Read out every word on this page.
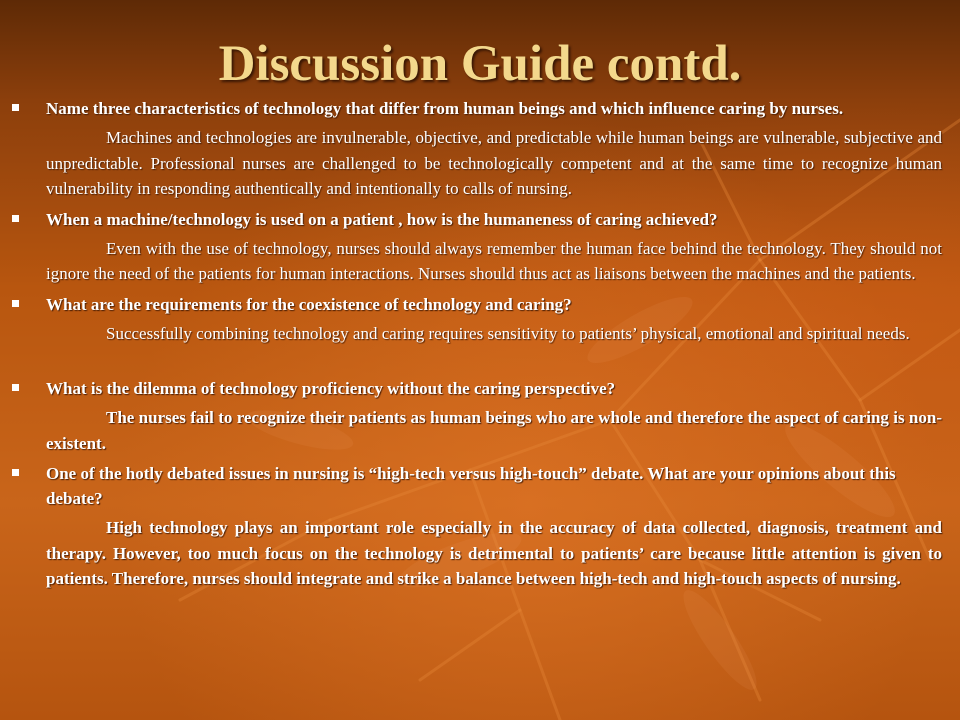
Discussion Guide contd.

Name three characteristics of technology that differ from human beings and which influence caring by nurses.

Machines and technologies are invulnerable, objective, and predictable while human beings are vulnerable, subjective and unpredictable. Professional nurses are challenged to be technologically competent and at the same time to recognize human vulnerability in responding authentically and intentionally to calls of nursing.

When a machine/technology is used on a patient , how is the humaneness of caring achieved?

Even with the use of technology, nurses should always remember the human face behind the technology. They should not ignore the need of the patients for human interactions. Nurses should thus act as liaisons between the machines and the patients.

What are the requirements for the coexistence of technology and caring?

Successfully combining technology and caring requires sensitivity to patients’ physical, emotional and spiritual needs.

What is the dilemma of technology proficiency without the caring perspective?

The nurses fail to recognize their patients as human beings who are whole and therefore the aspect of caring is non-existent.

One of the hotly debated issues in nursing is “high-tech versus high-touch” debate. What are your opinions about this debate?

High technology plays an important role especially in the accuracy of data collected, diagnosis, treatment and therapy. However, too much focus on the technology is detrimental to patients’ care because little attention is given to patients. Therefore, nurses should integrate and strike a balance between high-tech and high-touch aspects of nursing.
